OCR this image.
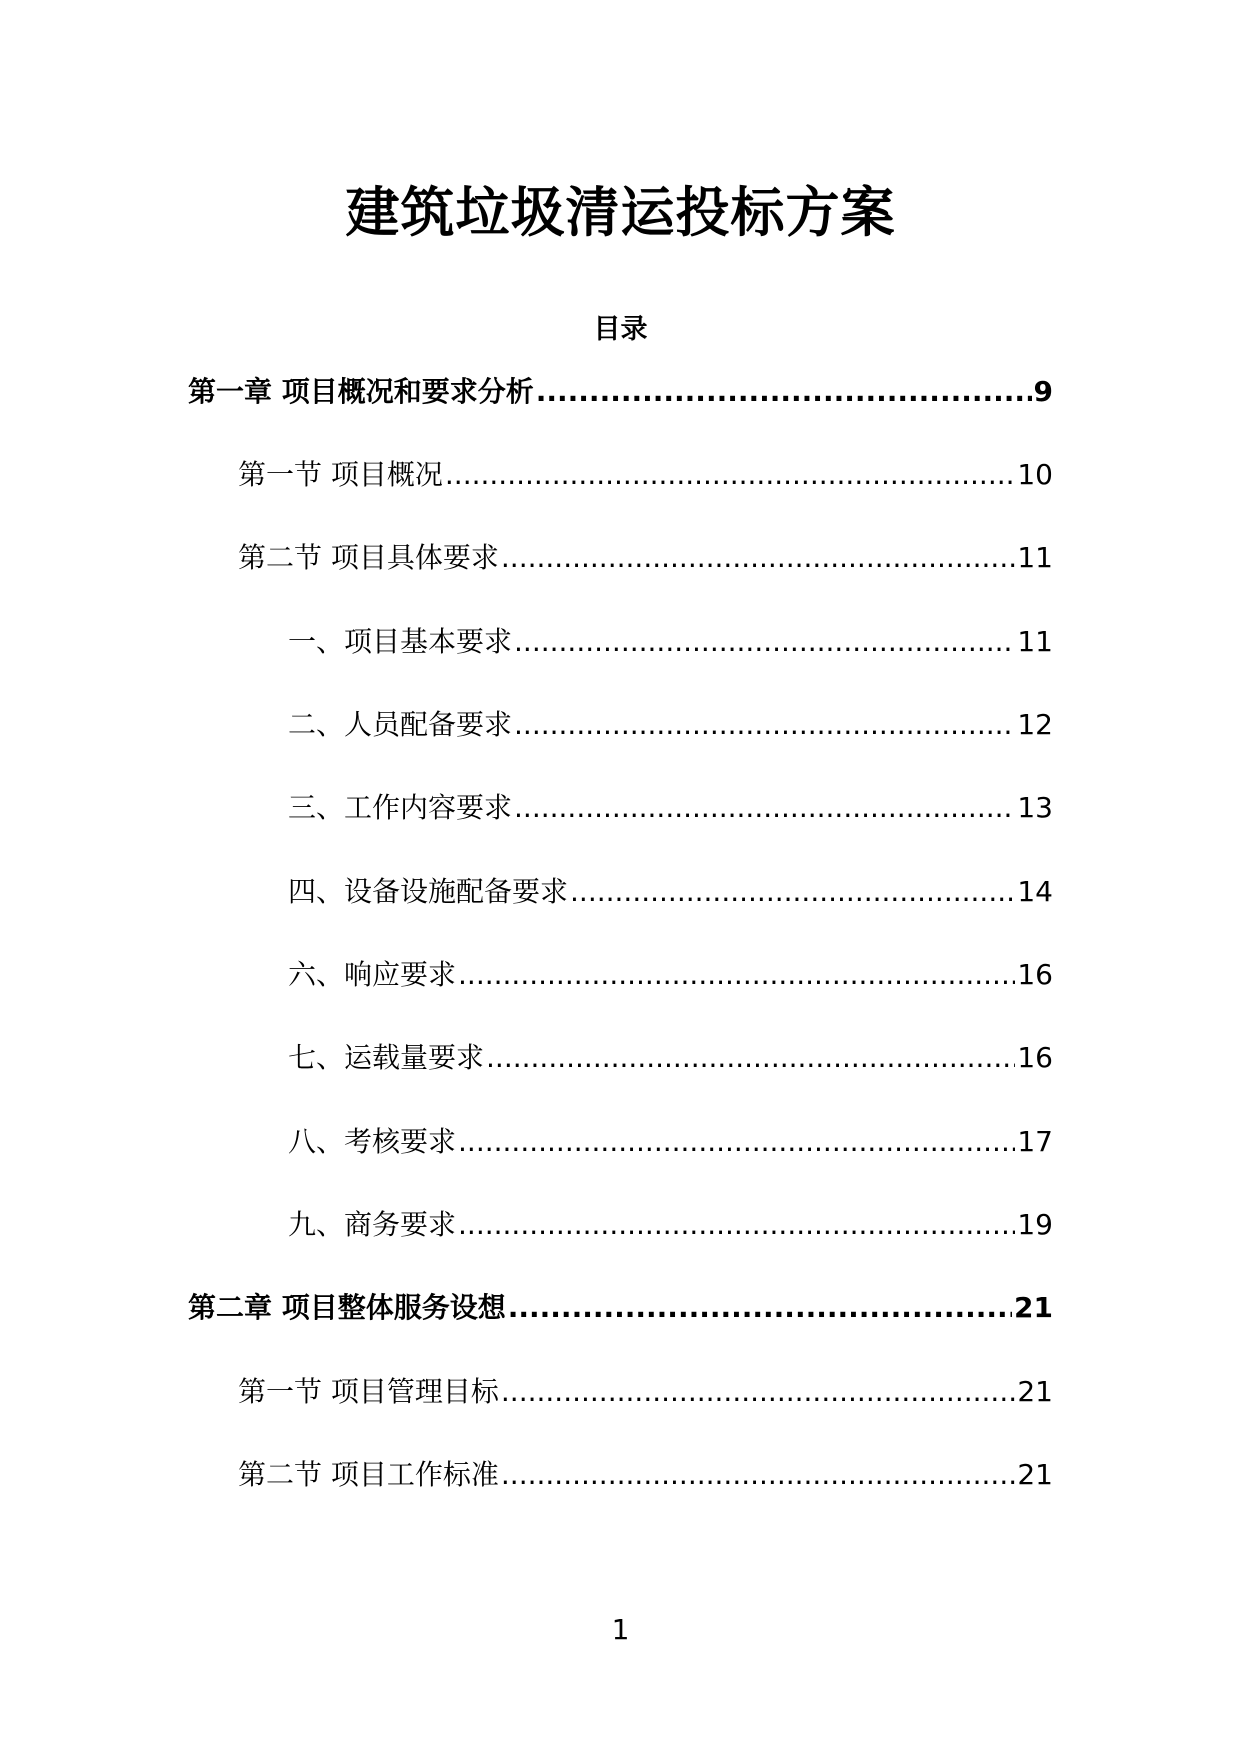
建筑垃圾清运投标方案
目录
第一章 项目概况和要求分析 .....	9
第一节 项目概况 .....	10
第二节 项目具体要求 .....	11
一、项目基本要求 .....	11
二、人员配备要求 .....	12
三、工作内容要求 .....	13
四、设备设施配备要求 .....	14
六、响应要求 .....	16
七、运载量要求 .....	16
八、考核要求 .....	17
九、商务要求 .....	19
第二章 项目整体服务设想 .....	21
第一节 项目管理目标 .....	21
第二节 项目工作标准 .....	21
1
